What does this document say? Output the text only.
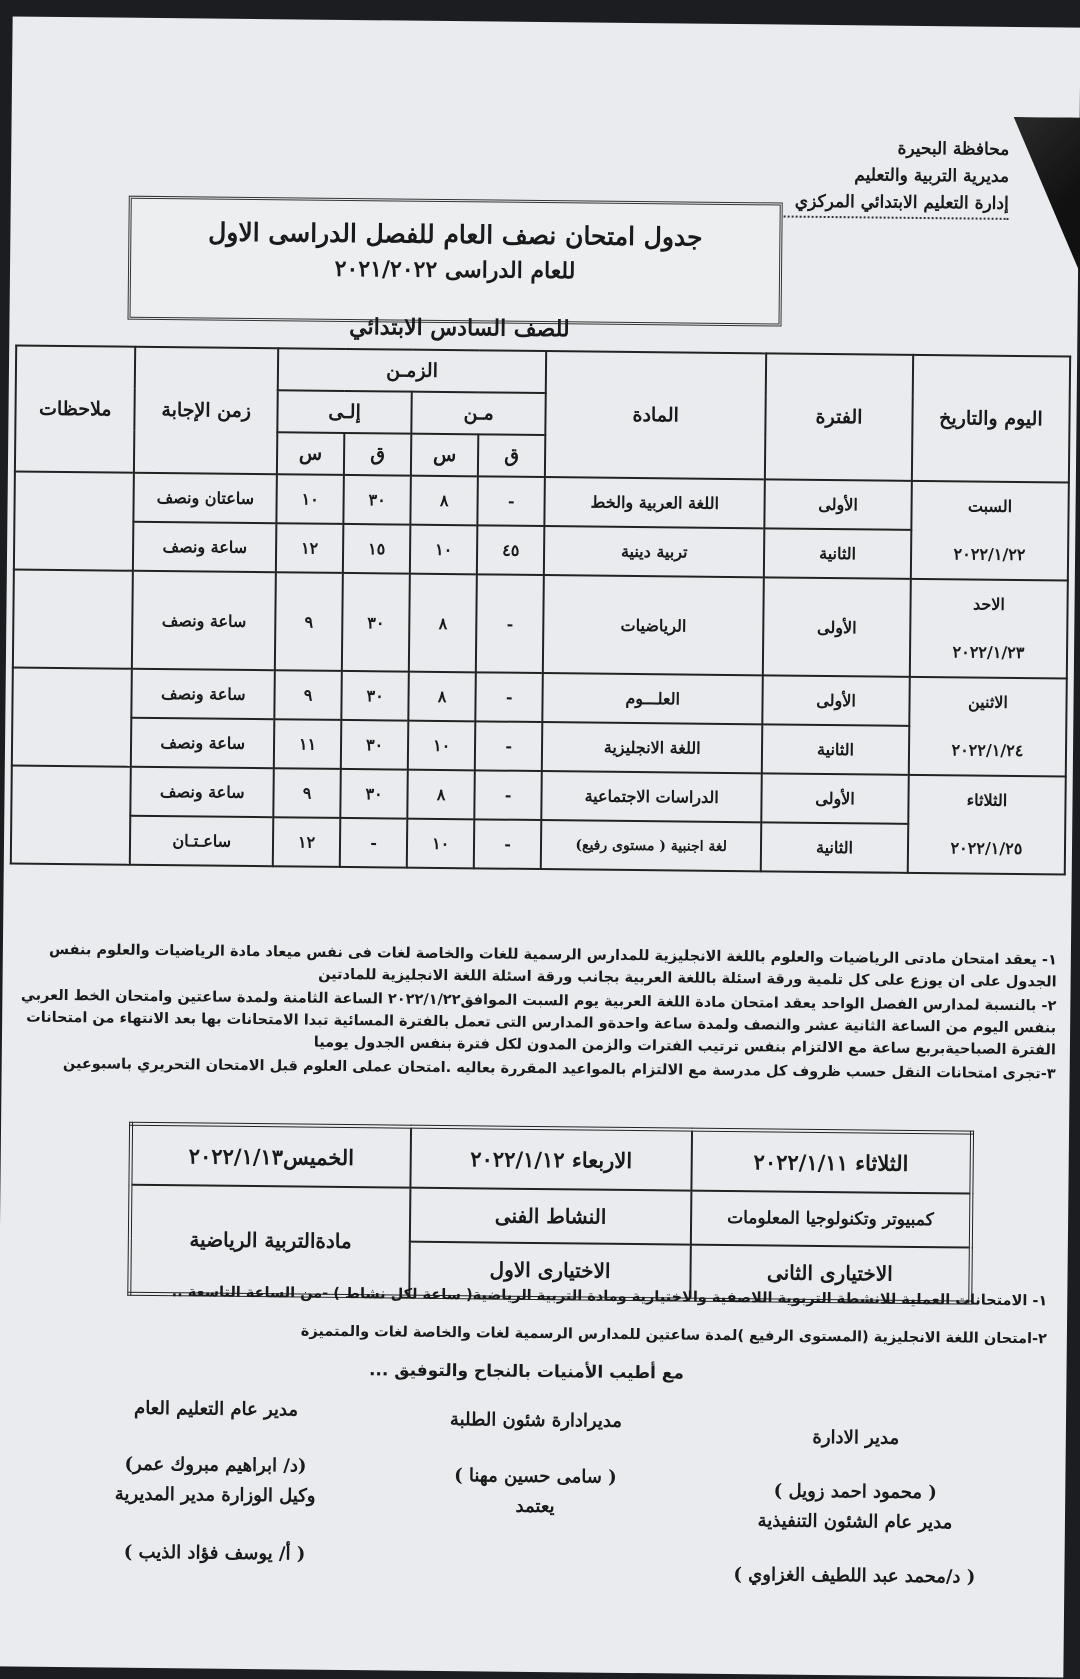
محافظة البحيرة
مديرية التربية والتعليم
إدارة التعليم الابتدائي المركزي
جدول امتحان نصف العام للفصل الدراسى الاول
للعام الدراسى ٢٠٢١/٢٠٢٢
للصف السادس الابتدائي
اليوم والتاريخ	الفترة	المادة	الزمـن				زمن الإجابة	ملاحظات
			مـن		إلـى			
			ق	س	ق	س		

السبت
٢٠٢٢/١/٢٢	الأولى	اللغة العربية والخط	-	٨	٣٠	١٠	ساعتان ونصف	
	الثانية	تربية دينية	٤٥	١٠	١٥	١٢	ساعة ونصف	

الاحد
٢٠٢٢/١/٢٣	الأولى	الرياضيات	-	٨	٣٠	٩	ساعة ونصف	

الاثنين
٢٠٢٢/١/٢٤	الأولى	العلـــوم	-	٨	٣٠	٩	ساعة ونصف	
	الثانية	اللغة الانجليزية	-	١٠	٣٠	١١	ساعة ونصف	

الثلاثاء
٢٠٢٢/١/٢٥	الأولى	الدراسات الاجتماعية	-	٨	٣٠	٩	ساعة ونصف	
	الثانية	لغة اجنبية ( مستوى رفيع)	-	١٠	-	١٢	ساعـتـان	

١- يعقد امتحان مادتى الرياضيات والعلوم باللغة الانجليزية للمدارس الرسمية للغات والخاصة لغات فى نفس ميعاد مادة الرياضيات والعلوم بنفس الجدول على ان يوزع على كل تلمية ورقة اسئلة باللغة العربية بجانب ورقة اسئلة اللغة الانجليزية للمادتين

٢- بالنسبة لمدارس الفصل الواحد يعقد امتحان مادة اللغة العربية يوم السبت الموافق٢٠٢٢/١/٢٢ الساعة الثامنة ولمدة ساعتين وامتحان الخط العربي بنفس اليوم من الساعة الثانية عشر والنصف ولمدة ساعة واحدةو المدارس التى تعمل بالفترة المسائية تبدا الامتحانات بها بعد الانتهاء من امتحانات الفترة الصباحيةبربع ساعة مع الالتزام بنفس ترتيب الفترات والزمن المدون لكل فترة بنفس الجدول يوميا

٣-تجرى امتحانات النقل حسب ظروف كل مدرسة مع الالتزام بالمواعيد المقررة بعاليه .امتحان عملى العلوم قبل الامتحان التحريري باسبوعين

الثلاثاء ٢٠٢٢/١/١١	الاربعاء ٢٠٢٢/١/١٢	الخميس٢٠٢٢/١/١٣
كمبيوتر وتكنولوجيا المعلومات	النشاط الفنى	مادةالتربية الرياضية
الاختيارى الثانى	الاختيارى الاول	

١- الامتحانات العملية للانشطة التربوية اللاصفية والاختيارية ومادة التربية الرياضية( ساعة لكل نشاط ) -من الساعة التاسعة ..

٢-امتحان اللغة الانجليزية (المستوى الرفيع )لمدة ساعتين للمدارس الرسمية لغات والخاصة لغات والمتميزة

مع أطيب الأمنيات بالنجاح والتوفيق ...

مدير الادارة
( محمود احمد زويل )
مدير عام الشئون التنفيذية
( د/محمد عبد اللطيف الغزاوي )
مديرادارة شئون الطلبة
( سامى حسين مهنا )
يعتمد
مدير عام التعليم العام
(د/ ابراهيم مبروك عمر)
وكيل الوزارة مدير المديرية
( أ/ يوسف فؤاد الذيب )
